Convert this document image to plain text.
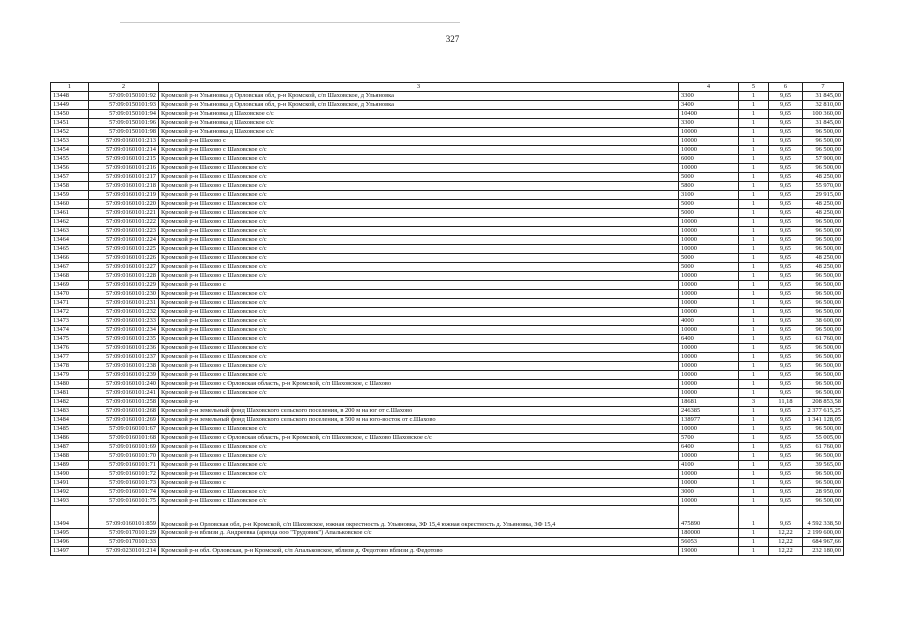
327
1	2	3	4	5	6	7
13448	57:09:0150101:92	Кромской р-н Ульяновка д Орловская обл, р-н Кромской, с/п Шаховское, д Ульяновка	3300	1	9,65	31 845,00
13449	57:09:0150101:93	Кромской р-н Ульяновка д Орловская обл, р-н Кромской, с/п Шаховское, д Ульяновка	3400	1	9,65	32 810,00
13450	57:09:0150101:94	Кромской р-н Ульяновка д Шаховское с/с	10400	1	9,65	100 360,00
13451	57:09:0150101:96	Кромской р-н Ульяновка д Шаховское с/с	3300	1	9,65	31 845,00
13452	57:09:0150101:98	Кромской р-н Ульяновка д Шаховское с/с	10000	1	9,65	96 500,00
13453	57:09:0160101:213	Кромской р-н Шахово с	10000	1	9,65	96 500,00
13454	57:09:0160101:214	Кромской р-н Шахово с Шаховское с/с	10000	1	9,65	96 500,00
13455	57:09:0160101:215	Кромской р-н Шахово с Шаховское с/с	6000	1	9,65	57 900,00
13456	57:09:0160101:216	Кромской р-н Шахово с Шаховское с/с	10000	1	9,65	96 500,00
13457	57:09:0160101:217	Кромской р-н Шахово с Шаховское с/с	5000	1	9,65	48 250,00
13458	57:09:0160101:218	Кромской р-н Шахово с Шаховское с/с	5800	1	9,65	55 970,00
13459	57:09:0160101:219	Кромской р-н Шахово с Шаховское с/с	3100	1	9,65	29 915,00
13460	57:09:0160101:220	Кромской р-н Шахово с Шаховское с/с	5000	1	9,65	48 250,00
13461	57:09:0160101:221	Кромской р-н Шахово с Шаховское с/с	5000	1	9,65	48 250,00
13462	57:09:0160101:222	Кромской р-н Шахово с Шаховское с/с	10000	1	9,65	96 500,00
13463	57:09:0160101:223	Кромской р-н Шахово с Шаховское с/с	10000	1	9,65	96 500,00
13464	57:09:0160101:224	Кромской р-н Шахово с Шаховское с/с	10000	1	9,65	96 500,00
13465	57:09:0160101:225	Кромской р-н Шахово с Шаховское с/с	10000	1	9,65	96 500,00
13466	57:09:0160101:226	Кромской р-н Шахово с Шаховское с/с	5000	1	9,65	48 250,00
13467	57:09:0160101:227	Кромской р-н Шахово с Шаховское с/с	5000	1	9,65	48 250,00
13468	57:09:0160101:228	Кромской р-н Шахово с Шаховское с/с	10000	1	9,65	96 500,00
13469	57:09:0160101:229	Кромской р-н Шахово с	10000	1	9,65	96 500,00
13470	57:09:0160101:230	Кромской р-н Шахово с Шаховское с/с	10000	1	9,65	96 500,00
13471	57:09:0160101:231	Кромской р-н Шахово с Шаховское с/с	10000	1	9,65	96 500,00
13472	57:09:0160101:232	Кромской р-н Шахово с Шаховское с/с	10000	1	9,65	96 500,00
13473	57:09:0160101:233	Кромской р-н Шахово с Шаховское с/с	4000	1	9,65	38 600,00
13474	57:09:0160101:234	Кромской р-н Шахово с Шаховское с/с	10000	1	9,65	96 500,00
13475	57:09:0160101:235	Кромской р-н Шахово с Шаховское с/с	6400	1	9,65	61 760,00
13476	57:09:0160101:236	Кромской р-н Шахово с Шаховское с/с	10000	1	9,65	96 500,00
13477	57:09:0160101:237	Кромской р-н Шахово с Шаховское с/с	10000	1	9,65	96 500,00
13478	57:09:0160101:238	Кромской р-н Шахово с Шаховское с/с	10000	1	9,65	96 500,00
13479	57:09:0160101:239	Кромской р-н Шахово с Шаховское с/с	10000	1	9,65	96 500,00
13480	57:09:0160101:240	Кромской р-н Шахово с Орловская область, р-н Кромской, с/п Шаховское, с Шахово	10000	1	9,65	96 500,00
13481	57:09:0160101:241	Кромской р-н Шахово с Шаховское с/с	10000	1	9,65	96 500,00
13482	57:09:0160101:258	Кромской р-н	18681	3	11,18	208 853,58
13483	57:09:0160101:268	Кромской р-н земельный фонд Шаховского сельского поселения, в 200 м на юг от с.Шахово	246385	1	9,65	2 377 615,25
13484	57:09:0160101:269	Кромской р-н земельный фонд Шаховского сельского поселения, в 500 м на юго-восток от с.Шахово	138977	1	9,65	1 341 128,05
13485	57:09:0160101:67	Кромской р-н Шахово с Шаховское с/с	10000	1	9,65	96 500,00
13486	57:09:0160101:68	Кромской р-н Шахово с Орловская область, р-н Кромской, с/п Шаховское, с Шахово Шаховское с/с	5700	1	9,65	55 005,00
13487	57:09:0160101:69	Кромской р-н Шахово с Шаховское с/с	6400	1	9,65	61 760,00
13488	57:09:0160101:70	Кромской р-н Шахово с Шаховское с/с	10000	1	9,65	96 500,00
13489	57:09:0160101:71	Кромской р-н Шахово с Шаховское с/с	4100	1	9,65	39 565,00
13490	57:09:0160101:72	Кромской р-н Шахово с Шаховское с/с	10000	1	9,65	96 500,00
13491	57:09:0160101:73	Кромской р-н Шахово с	10000	1	9,65	96 500,00
13492	57:09:0160101:74	Кромской р-н Шахово с Шаховское с/с	3000	1	9,65	28 950,00
13493	57:09:0160101:75	Кромской р-н Шахово с Шаховское с/с	10000	1	9,65	96 500,00
13494	57:09:0160101:859	Кромской р-н Орловская обл, р-н Кромской, с/п Шаховское, южная окрестность д. Ульяновка, ЗФ 15,4 южная окрестность д. Ульяновка, ЗФ 15,4	475890	1	9,65	4 592 338,50
13495	57:09:0170101:29	Кромской р-н вблизи д. Андреевка (аренда ооо "Трудовик") Апальковское с/с	180000	1	12,22	2 199 600,00
13496	57:09:0170101:33		56053	1	12,22	684 967,66
13497	57:09:0230101:214	Кромской р-н обл. Орловская, р-н Кромской, с/п Апальковское, вблизи д. Федотово вблизи д. Федотово	19000	1	12,22	232 180,00
